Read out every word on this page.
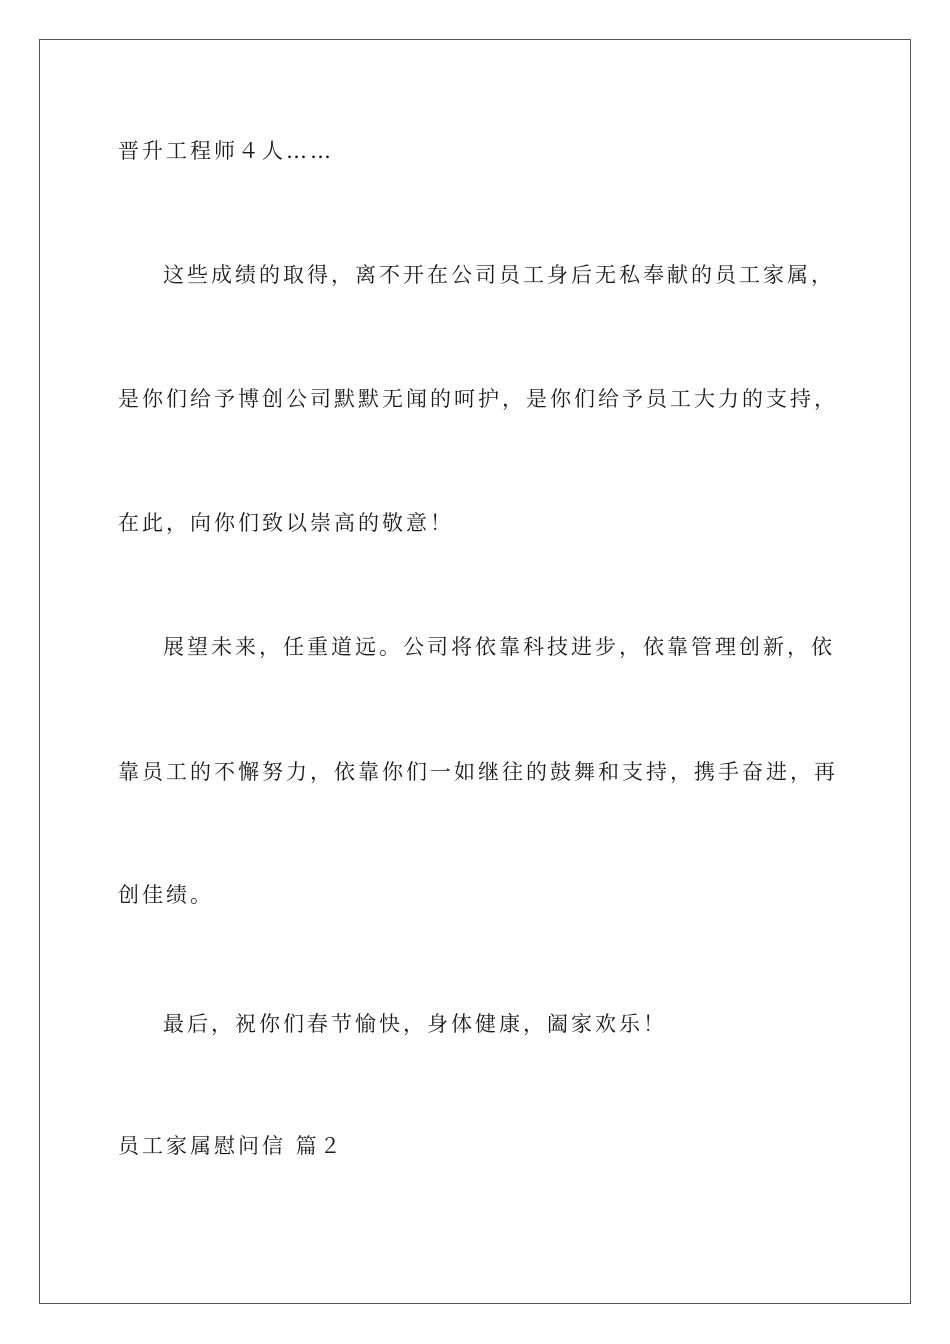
晋升工程师４人……
这些成绩的取得，离不开在公司员工身后无私奉献的员工家属，
是你们给予博创公司默默无闻的呵护，是你们给予员工大力的支持，
在此，向你们致以崇高的敬意！
展望未来，任重道远。公司将依靠科技进步，依靠管理创新，依
靠员工的不懈努力，依靠你们一如继往的鼓舞和支持，携手奋进，再
创佳绩。
最后，祝你们春节愉快，身体健康，阖家欢乐！
员工家属慰问信 篇２
